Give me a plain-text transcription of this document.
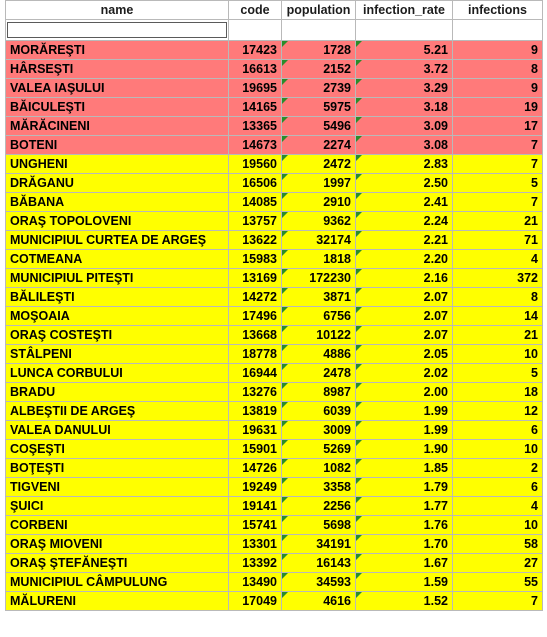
name	code	population	infection_rate	infections

MORĂREŞTI	17423	1728	5.21	9
HÂRSEŞTI	16613	2152	3.72	8
VALEA IAŞULUI	19695	2739	3.29	9
BĂICULEŞTI	14165	5975	3.18	19
MĂRĂCINENI	13365	5496	3.09	17
BOTENI	14673	2274	3.08	7
UNGHENI	19560	2472	2.83	7
DRĂGANU	16506	1997	2.50	5
BĂBANA	14085	2910	2.41	7
ORAŞ TOPOLOVENI	13757	9362	2.24	21
MUNICIPIUL CURTEA DE ARGEŞ	13622	32174	2.21	71
COTMEANA	15983	1818	2.20	4
MUNICIPIUL PITEŞTI	13169	172230	2.16	372
BĂLILEŞTI	14272	3871	2.07	8
MOŞOAIA	17496	6756	2.07	14
ORAŞ COSTEŞTI	13668	10122	2.07	21
STÂLPENI	18778	4886	2.05	10
LUNCA CORBULUI	16944	2478	2.02	5
BRADU	13276	8987	2.00	18
ALBEŞTII DE ARGEŞ	13819	6039	1.99	12
VALEA DANULUI	19631	3009	1.99	6
COŞEŞTI	15901	5269	1.90	10
BOŢEŞTI	14726	1082	1.85	2
TIGVENI	19249	3358	1.79	6
ŞUICI	19141	2256	1.77	4
CORBENI	15741	5698	1.76	10
ORAŞ MIOVENI	13301	34191	1.70	58
ORAŞ ŞTEFĂNEŞTI	13392	16143	1.67	27
MUNICIPIUL CÂMPULUNG	13490	34593	1.59	55
MĂLURENI	17049	4616	1.52	7
